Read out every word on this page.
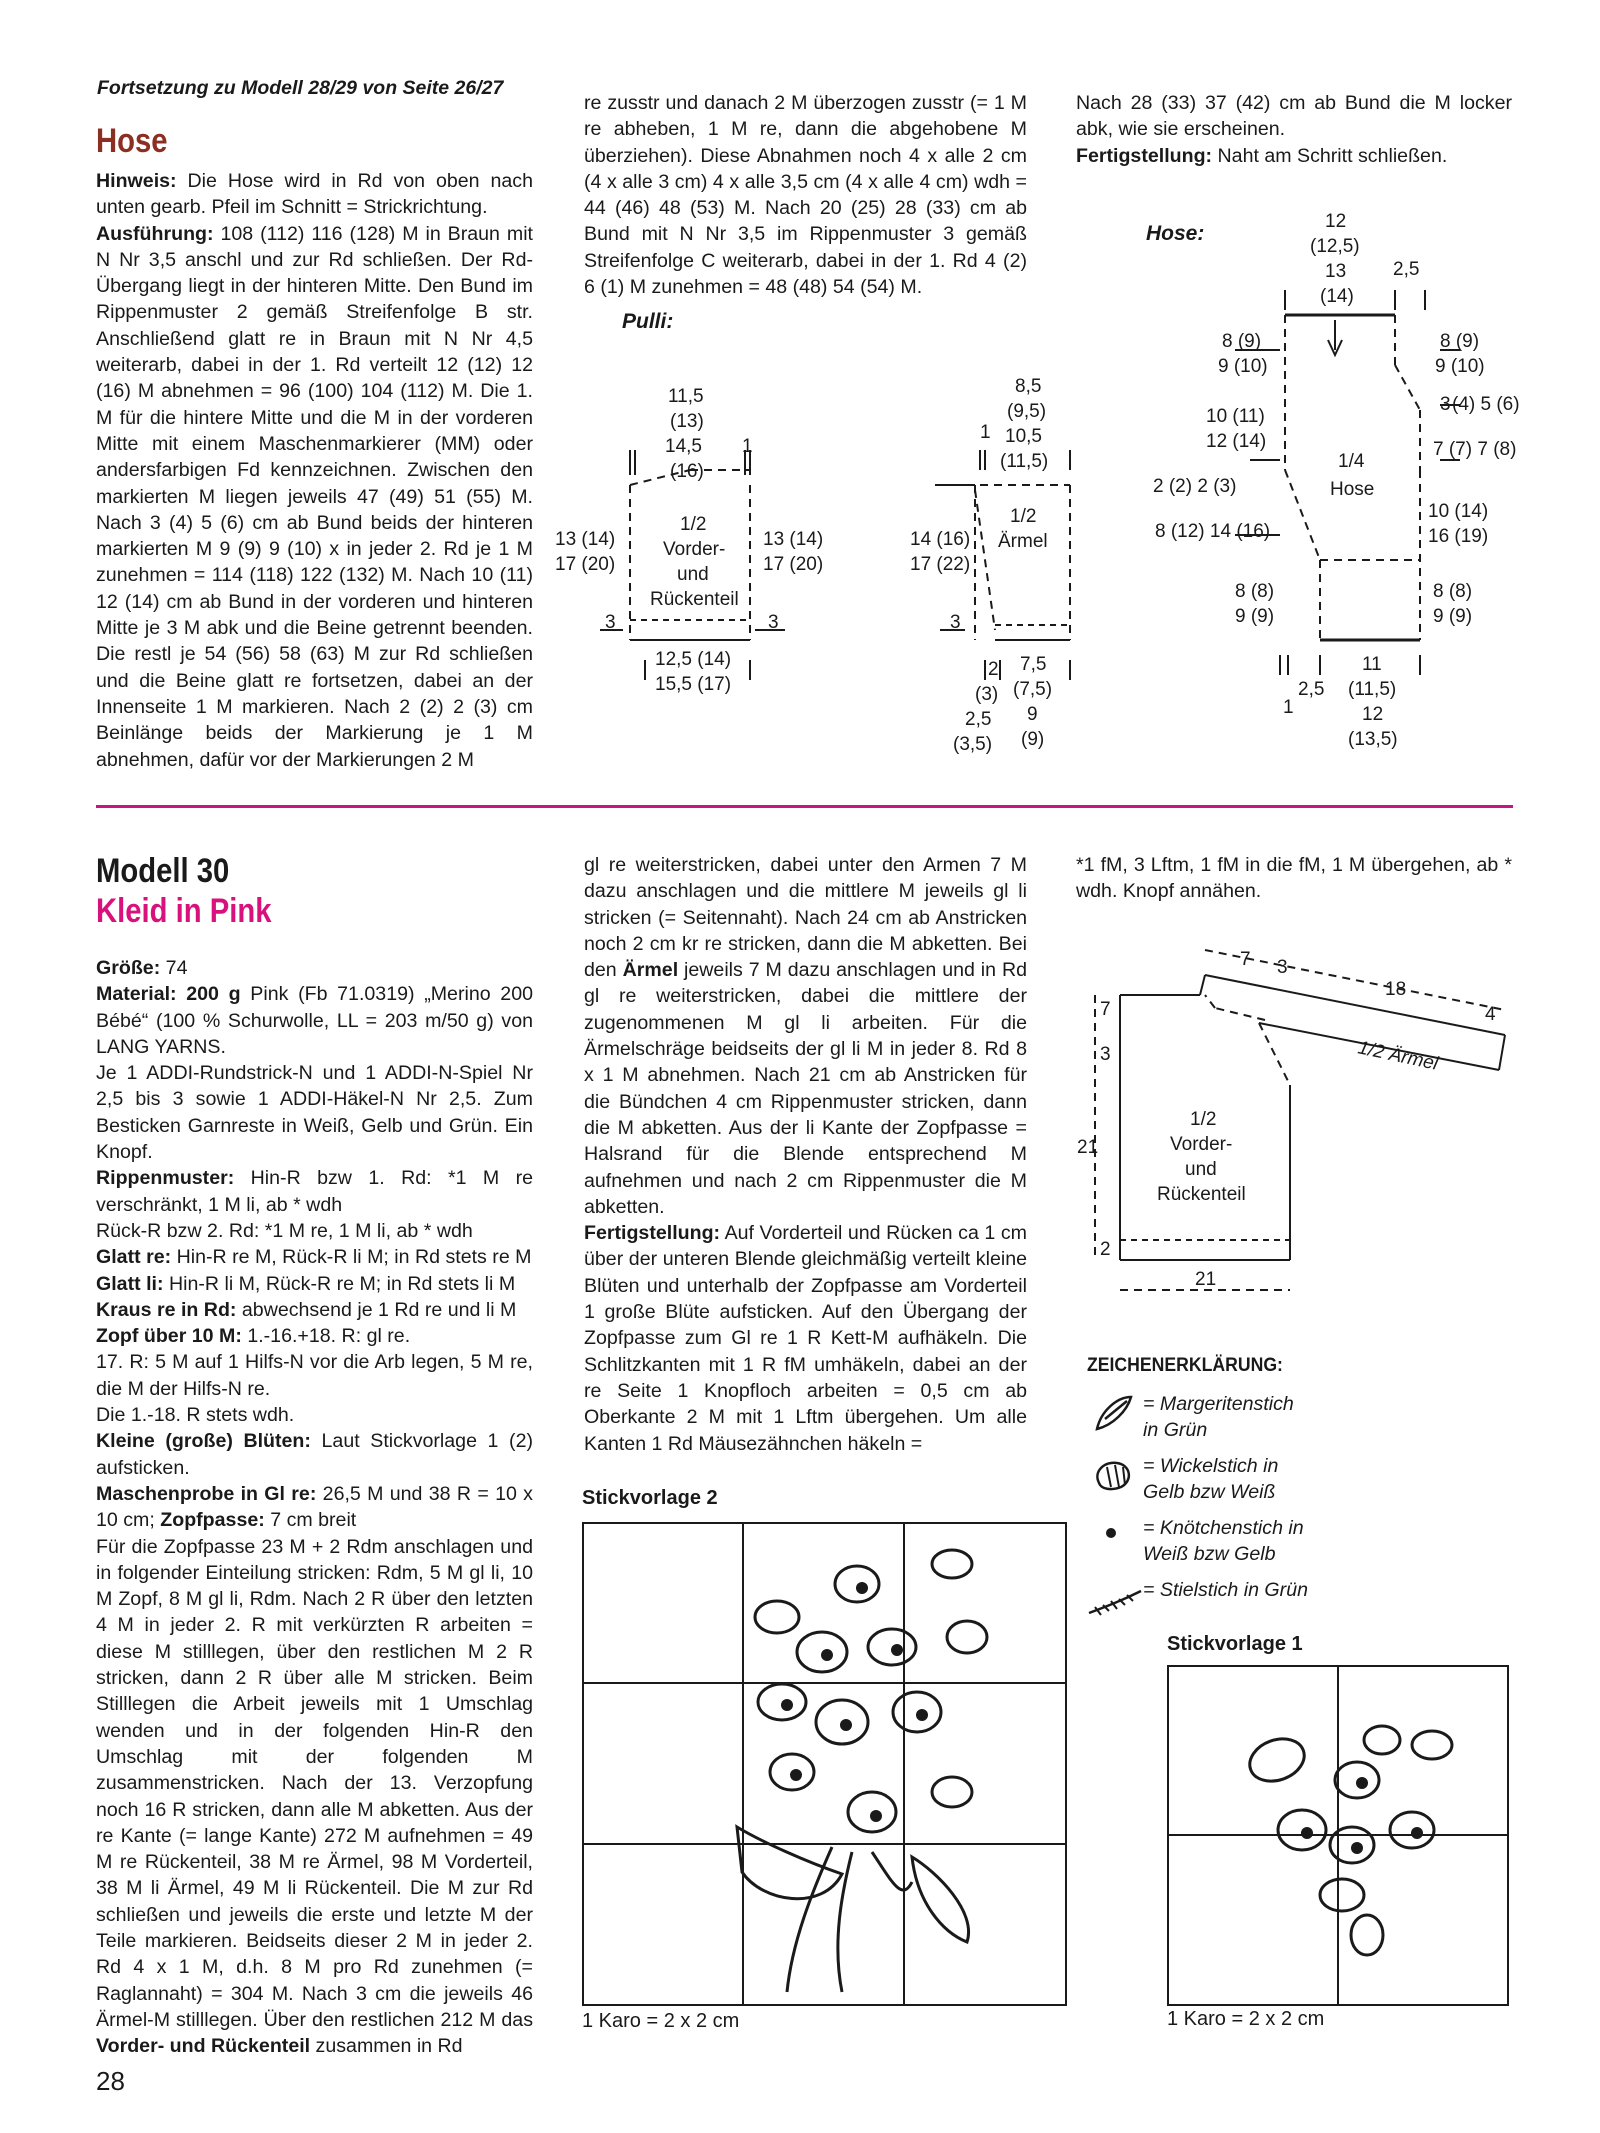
Fortsetzung zu Modell 28/29 von Seite 26/27
Hose

Hinweis: Die Hose wird in Rd von oben nach unten gearb. Pfeil im Schnitt = Strickrichtung.

Ausführung: 108 (112) 116 (128) M in Braun mit N Nr 3,5 anschl und zur Rd schließen. Der Rd-Übergang liegt in der hinteren Mitte. Den Bund im Rippenmuster 2 gemäß Streifenfolge B str. Anschließend glatt re in Braun mit N Nr 4,5 weiterarb, dabei in der 1. Rd verteilt 12 (12) 12 (16) M abnehmen = 96 (100) 104 (112) M. Die 1. M für die hintere Mitte und die M in der vorderen Mitte mit einem Maschenmarkierer (MM) oder andersfarbigen Fd kennzeichnen. Zwischen den markierten M liegen jeweils 47 (49) 51 (55) M. Nach 3 (4) 5 (6) cm ab Bund beids der hinteren markierten M 9 (9) 9 (10) x in jeder 2. Rd je 1 M zunehmen = 114 (118) 122 (132) M. Nach 10 (11) 12 (14) cm ab Bund in der vorderen und hinteren Mitte je 3 M abk und die Beine getrennt beenden. Die restl je 54 (56) 58 (63) M zur Rd schließen und die Beine glatt re fortsetzen, dabei an der Innenseite 1 M markieren. Nach 2 (2) 2 (3) cm Beinlänge beids der Markierung je 1 M abnehmen, dafür vor der Markierungen 2 M

re zusstr und danach 2 M überzogen zusstr (= 1 M re abheben, 1 M re, dann die abgehobene M überziehen). Diese Abnahmen noch 4 x alle 2 cm (4 x alle 3 cm) 4 x alle 3,5 cm (4 x alle 4 cm) wdh = 44 (46) 48 (53) M. Nach 20 (25) 28 (33) cm ab Bund mit N Nr 3,5 im Rippenmuster 3 gemäß Streifenfolge C weiterarb, dabei in der 1. Rd 4 (2) 6 (1) M zunehmen = 48 (48) 54 (54) M.

Nach 28 (33) 37 (42) cm ab Bund die M locker abk, wie sie erscheinen.

Fertigstellung: Naht am Schritt schließen.

Pulli:
11,5
(13)
14,5
(16)
1
13 (14)
17 (20)
13 (14)
17 (20)
1/2
Vorder-
und
Rückenteil
3	3
12,5 (14)
15,5 (17)
8,5
(9,5)
10,5
(11,5)
1
14 (16)
17 (22)
1/2
Ärmel
3
2
(3)
2,5
(3,5)
7,5
(7,5)
9
(9)
Hose:
12
(12,5)
13
(14)
2,5
8 (9)
9 (10)
10 (11)
12 (14)
2 (2) 2 (3)
8 (12) 14 (16)
8 (8)
9 (9)
8 (9)
9 (10)
3 (4) 5 (6)
7 (7) 7 (8)
10 (14)
16 (19)
8 (8)
9 (9)
1/4
Hose
1
2,5
11
(11,5)
12
(13,5)
Modell 30
Kleid in Pink

Größe: 74

Material: 200 g Pink (Fb 71.0319) „Merino 200 Bébé“ (100 % Schurwolle, LL = 203 m/50 g) von LANG YARNS.

Je 1 ADDI-Rundstrick-N und 1 ADDI-N-Spiel Nr 2,5 bis 3 sowie 1 ADDI-Häkel-N Nr 2,5. Zum Besticken Garnreste in Weiß, Gelb und Grün. Ein Knopf.

Rippenmuster: Hin-R bzw 1. Rd: *1 M re verschränkt, 1 M li, ab * wdh

Rück-R bzw 2. Rd: *1 M re, 1 M li, ab * wdh

Glatt re: Hin-R re M, Rück-R li M; in Rd stets re M

Glatt li: Hin-R li M, Rück-R re M; in Rd stets li M

Kraus re in Rd: abwechsend je 1 Rd re und li M

Zopf über 10 M: 1.-16.+18. R: gl re.

17. R: 5 M auf 1 Hilfs-N vor die Arb legen, 5 M re, die M der Hilfs-N re.

Die 1.-18. R stets wdh.

Kleine (große) Blüten: Laut Stickvorlage 1 (2) aufsticken.

Maschenprobe in Gl re: 26,5 M und 38 R = 10 x 10 cm; Zopfpasse: 7 cm breit

Für die Zopfpasse 23 M + 2 Rdm anschlagen und in folgender Einteilung stricken: Rdm, 5 M gl li, 10 M Zopf, 8 M gl li, Rdm. Nach 2 R über den letzten 4 M in jeder 2. R mit verkürzten R arbeiten = diese M stilllegen, über den restlichen M 2 R stricken, dann 2 R über alle M stricken. Beim Stilllegen die Arbeit jeweils mit 1 Umschlag wenden und in der folgenden Hin-R den Umschlag mit der folgenden M zusammenstricken. Nach der 13. Verzopfung noch 16 R stricken, dann alle M abketten. Aus der re Kante (= lange Kante) 272 M aufnehmen = 49 M re Rückenteil, 38 M re Ärmel, 98 M Vorderteil, 38 M li Ärmel, 49 M li Rückenteil. Die M zur Rd schließen und jeweils die erste und letzte M der Teile markieren. Beidseits dieser 2 M in jeder 2. Rd 4 x 1 M, d.h. 8 M pro Rd zunehmen (= Raglannaht) = 304 M. Nach 3 cm die jeweils 46 Ärmel-M stilllegen. Über den restlichen 212 M das Vorder- und Rückenteil zusammen in Rd

gl re weiterstricken, dabei unter den Armen 7 M dazu anschlagen und die mittlere M jeweils gl li stricken (= Seitennaht). Nach 24 cm ab Anstricken noch 2 cm kr re stricken, dann die M abketten. Bei den Ärmel jeweils 7 M dazu anschlagen und in Rd gl re weiterstricken, dabei die mittlere der zugenommenen M gl li arbeiten. Für die Ärmelschräge beidseits der gl li M in jeder 8. Rd 8 x 1 M abnehmen. Nach 21 cm ab Anstricken für die Bündchen 4 cm Rippenmuster stricken, dann die M abketten. Aus der li Kante der Zopfpasse = Halsrand für die Blende entsprechend M aufnehmen und nach 2 cm Rippenmuster die M abketten.

Fertigstellung: Auf Vorderteil und Rücken ca 1 cm über der unteren Blende gleichmäßig verteilt kleine Blüten und unterhalb der Zopfpasse am Vorderteil 1 große Blüte aufsticken. Auf den Übergang der Zopfpasse zum Gl re 1 R Kett-M aufhäkeln. Die Schlitzkanten mit 1 R fM umhäkeln, dabei an der re Seite 1 Knopfloch arbeiten = 0,5 cm ab Oberkante 2 M mit 1 Lftm übergehen. Um alle Kanten 1 Rd Mäusezähnchen häkeln =

*1 fM, 3 Lftm, 1 fM in die fM, 1 M übergehen, ab * wdh. Knopf annähen.

7
3
21
2
7 3
18
4
1/2 Ärmel
1/2
Vorder-
und
Rückenteil
21
ZEICHENERKLÄRUNG:
= Margeritenstich
in Grün
= Wickelstich in
Gelb bzw Weiß
= Knötchenstich in
Weiß bzw Gelb
= Stielstich in Grün
Stickvorlage 2
1 Karo = 2 x 2 cm
Stickvorlage 1
1 Karo = 2 x 2 cm
28
